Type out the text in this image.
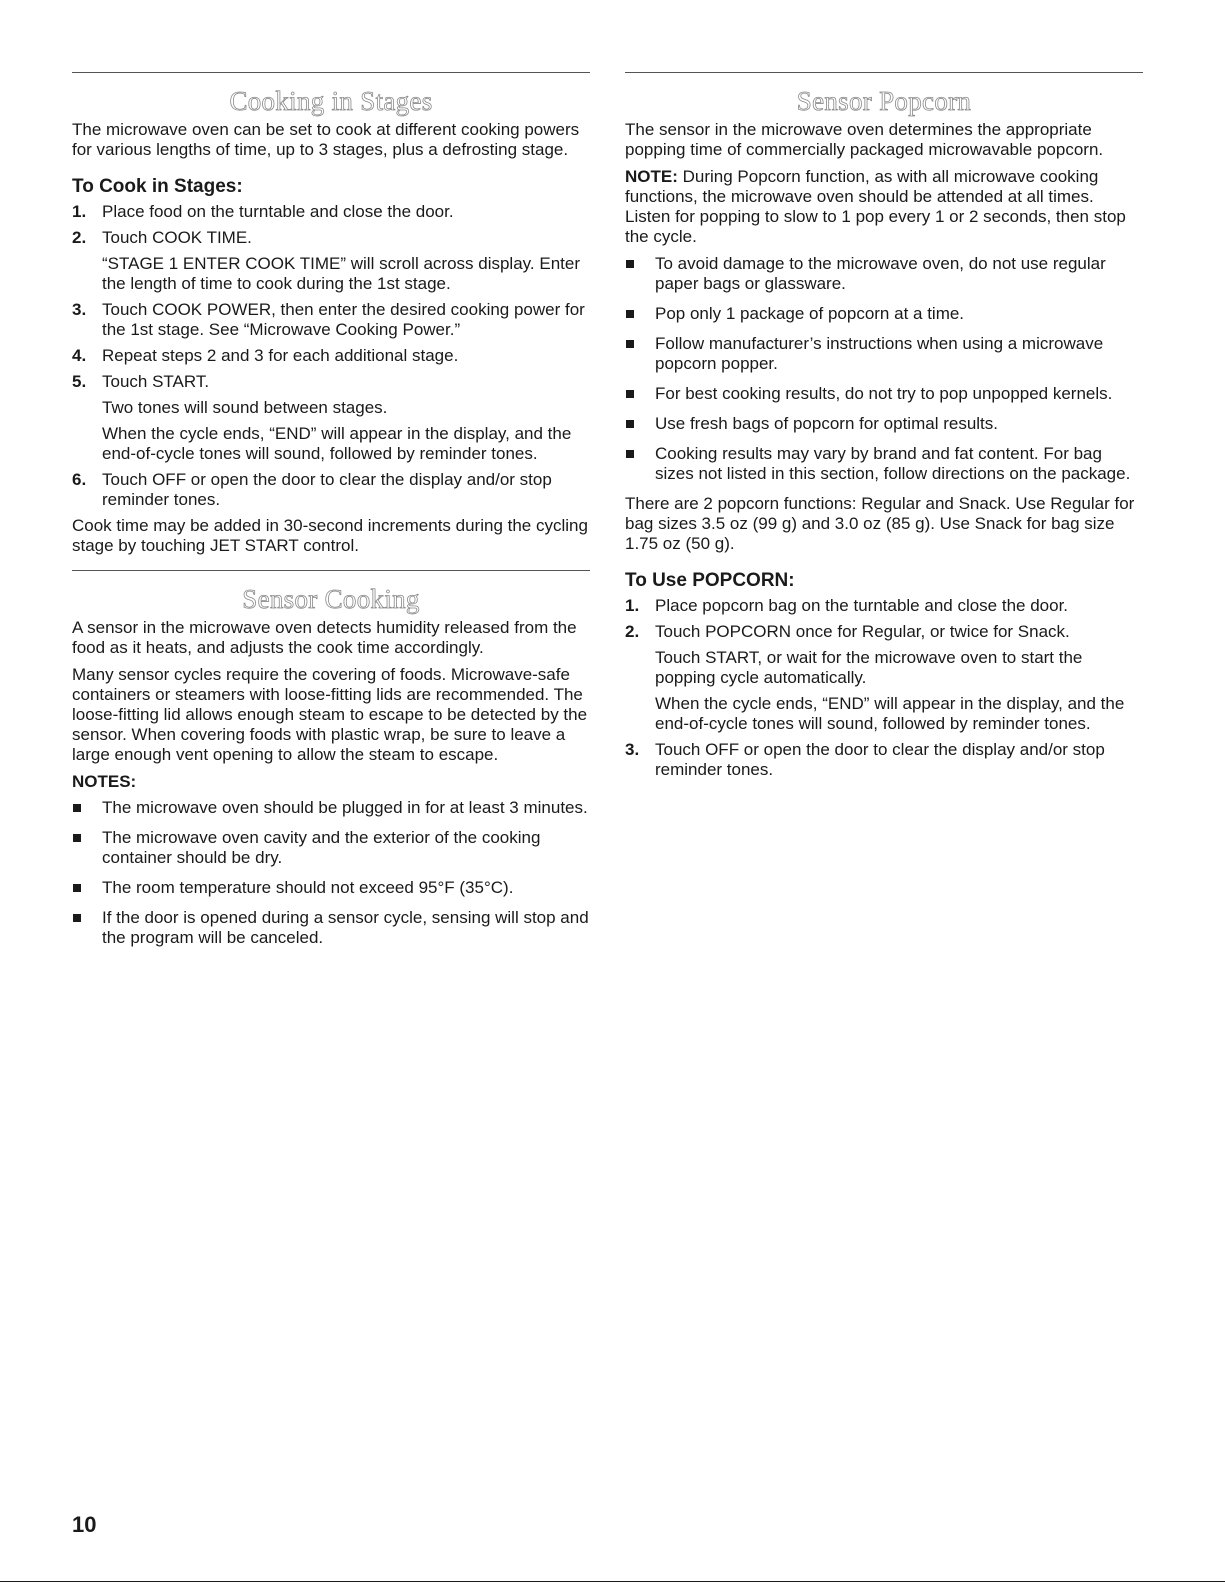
Cooking in Stages

The microwave oven can be set to cook at different cooking powers for various lengths of time, up to 3 stages, plus a defrosting stage.

To Cook in Stages:
1. Place food on the turntable and close the door.
2. Touch COOK TIME.
“STAGE 1 ENTER COOK TIME” will scroll across display. Enter the length of time to cook during the 1st stage.
3. Touch COOK POWER, then enter the desired cooking power for the 1st stage. See “Microwave Cooking Power.”
4. Repeat steps 2 and 3 for each additional stage.
5. Touch START.
Two tones will sound between stages.
When the cycle ends, “END” will appear in the display, and the end-of-cycle tones will sound, followed by reminder tones.
6. Touch OFF or open the door to clear the display and/or stop reminder tones.

Cook time may be added in 30-second increments during the cycling stage by touching JET START control.

Sensor Cooking

A sensor in the microwave oven detects humidity released from the food as it heats, and adjusts the cook time accordingly.

Many sensor cycles require the covering of foods. Microwave-safe containers or steamers with loose-fitting lids are recommended. The loose-fitting lid allows enough steam to escape to be detected by the sensor. When covering foods with plastic wrap, be sure to leave a large enough vent opening to allow the steam to escape.

NOTES:
The microwave oven should be plugged in for at least 3 minutes.
The microwave oven cavity and the exterior of the cooking container should be dry.
The room temperature should not exceed 95°F (35°C).
If the door is opened during a sensor cycle, sensing will stop and the program will be canceled.
Sensor Popcorn

The sensor in the microwave oven determines the appropriate popping time of commercially packaged microwavable popcorn.

NOTE: During Popcorn function, as with all microwave cooking functions, the microwave oven should be attended at all times. Listen for popping to slow to 1 pop every 1 or 2 seconds, then stop the cycle.

To avoid damage to the microwave oven, do not use regular paper bags or glassware.
Pop only 1 package of popcorn at a time.
Follow manufacturer’s instructions when using a microwave popcorn popper.
For best cooking results, do not try to pop unpopped kernels.
Use fresh bags of popcorn for optimal results.
Cooking results may vary by brand and fat content. For bag sizes not listed in this section, follow directions on the package.

There are 2 popcorn functions: Regular and Snack. Use Regular for bag sizes 3.5 oz (99 g) and 3.0 oz (85 g). Use Snack for bag size 1.75 oz (50 g).

To Use POPCORN:
1. Place popcorn bag on the turntable and close the door.
2. Touch POPCORN once for Regular, or twice for Snack.
Touch START, or wait for the microwave oven to start the popping cycle automatically.
When the cycle ends, “END” will appear in the display, and the end-of-cycle tones will sound, followed by reminder tones.
3. Touch OFF or open the door to clear the display and/or stop reminder tones.
10
